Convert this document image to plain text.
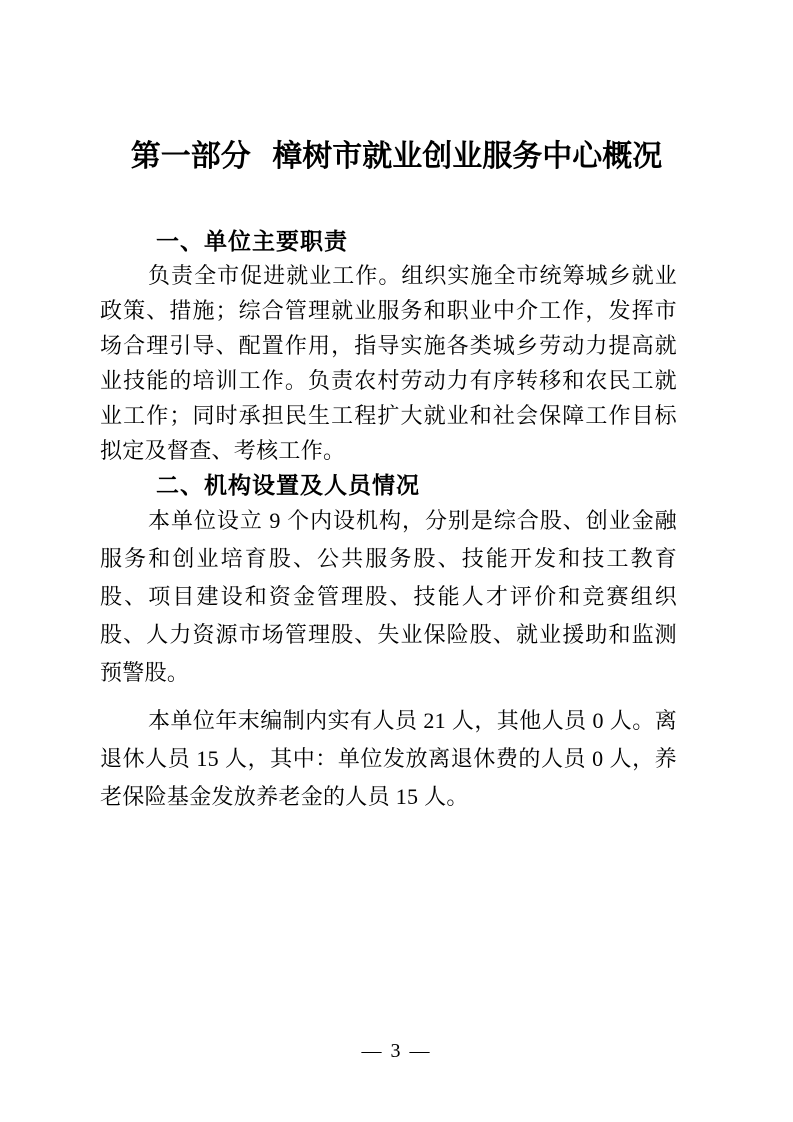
第一部分 樟树市就业创业服务中心概况
一、单位主要职责

负责全市促进就业工作。组织实施全市统筹城乡就业政策、措施；综合管理就业服务和职业中介工作，发挥市场合理引导、配置作用，指导实施各类城乡劳动力提高就业技能的培训工作。负责农村劳动力有序转移和农民工就业工作；同时承担民生工程扩大就业和社会保障工作目标拟定及督查、考核工作。

二、机构设置及人员情况

本单位设立 9 个内设机构，分别是综合股、创业金融服务和创业培育股、公共服务股、技能开发和技工教育股、项目建设和资金管理股、技能人才评价和竞赛组织股、人力资源市场管理股、失业保险股、就业援助和监测预警股。

本单位年末编制内实有人员 21 人，其他人员 0 人。离退休人员 15 人，其中：单位发放离退休费的人员 0 人，养老保险基金发放养老金的人员 15 人。

— 3 —
